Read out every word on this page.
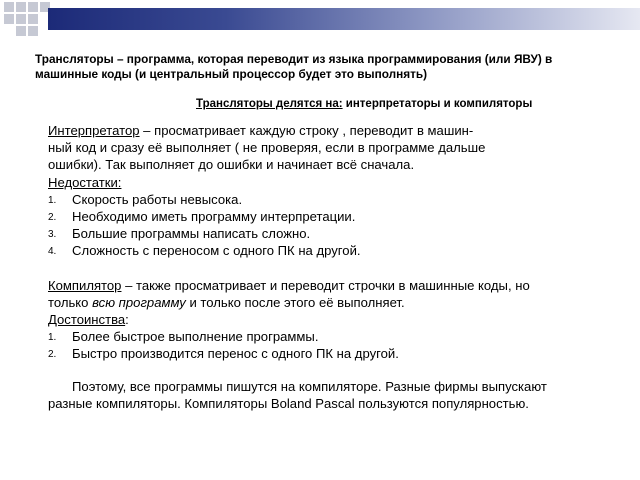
Трансляторы – программа, которая переводит из языка программирования (или ЯВУ) в
машинные коды (и центральный процессор будет это выполнять)
Трансляторы делятся на: интерпретаторы и компиляторы

Интерпретатор – просматривает каждую строку , переводит в машин-

ный код и сразу её выполняет ( не проверяя, если в программе дальше

ошибки). Так выполняет до ошибки и начинает всё сначала.

Недостатки:

1. Скорость работы невысока.
2. Необходимо иметь программу интерпретации.
3. Большие программы написать сложно.
4. Сложность с переносом с одного ПК на другой.

Компилятор – также просматривает и переводит строчки в машинные коды, но

только всю программу и только после этого её выполняет.

Достоинства:

1. Более быстрое выполнение программы.
2. Быстро производится перенос с одного ПК на другой.

Поэтому, все программы пишутся на компиляторе. Разные фирмы выпускают

разные компиляторы. Компиляторы Boland Pascal пользуются популярностью.
